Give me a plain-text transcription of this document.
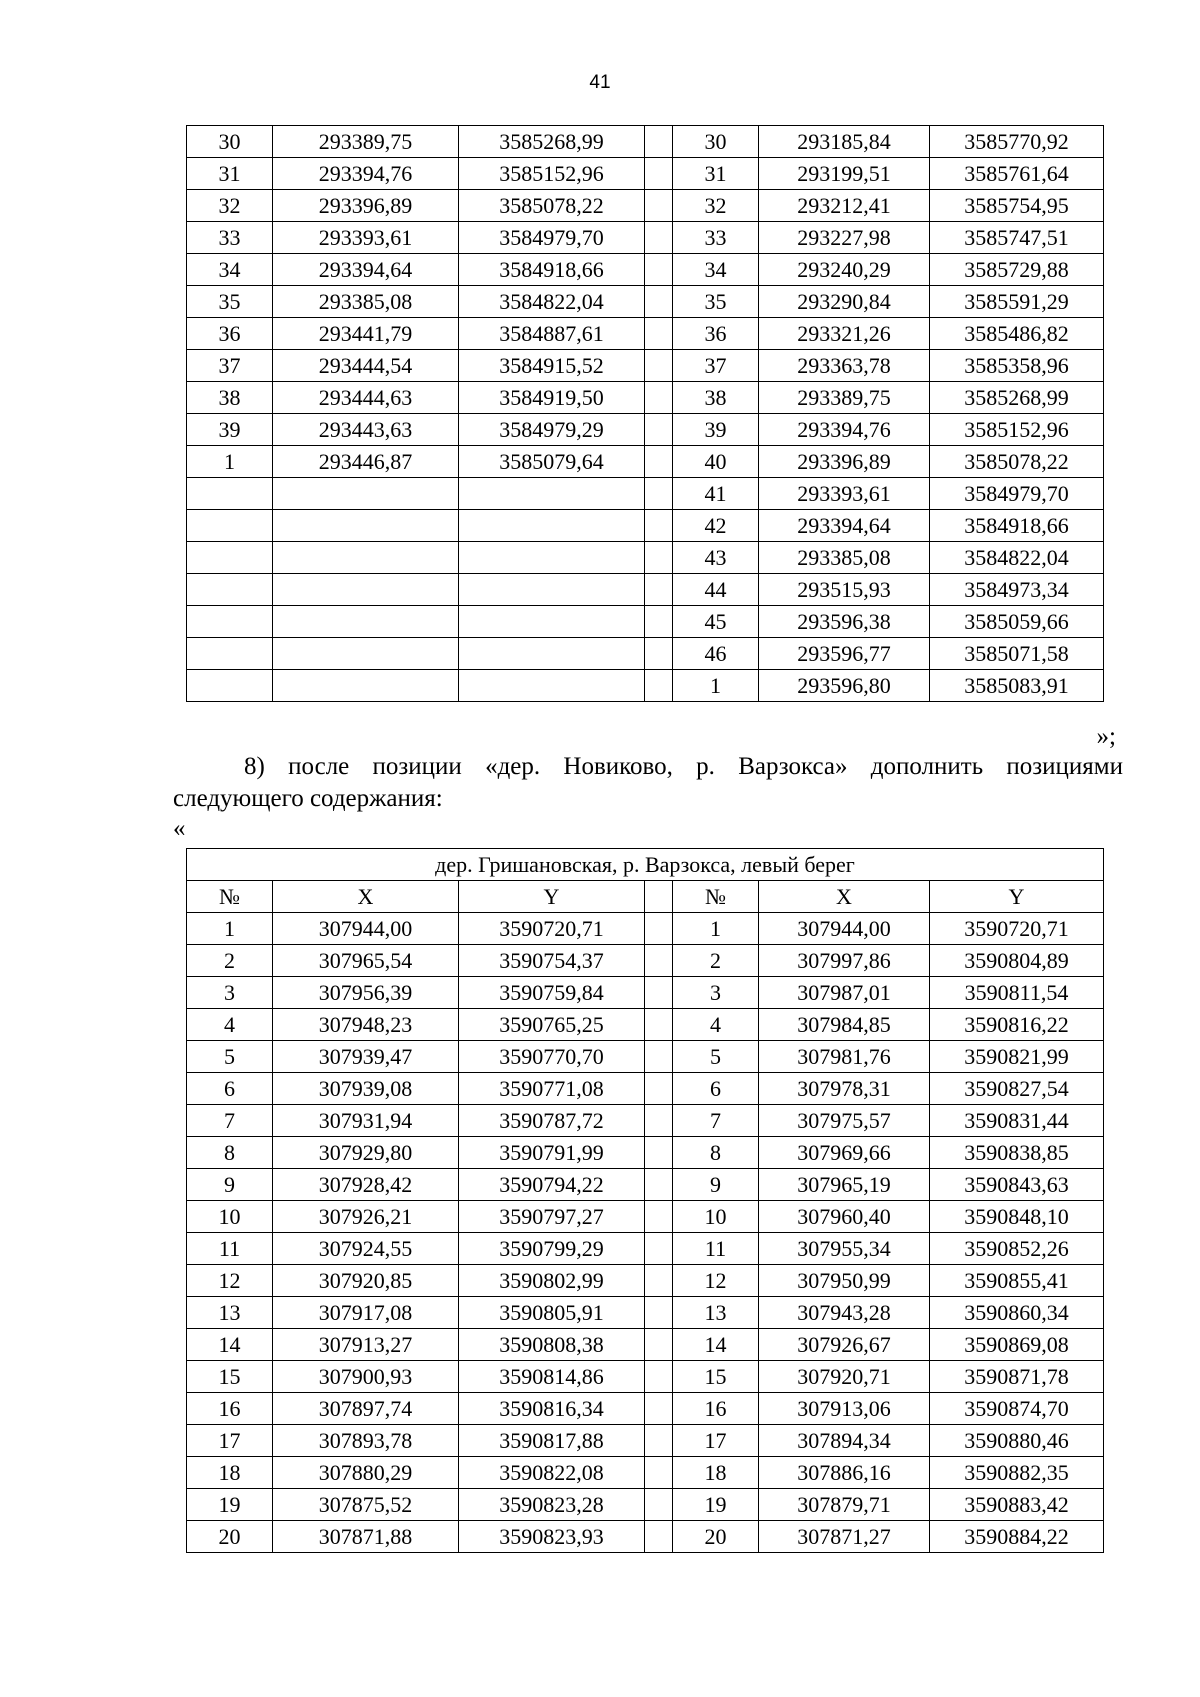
41
30	293389,75	3585268,99		30	293185,84	3585770,92
31	293394,76	3585152,96		31	293199,51	3585761,64
32	293396,89	3585078,22		32	293212,41	3585754,95
33	293393,61	3584979,70		33	293227,98	3585747,51
34	293394,64	3584918,66		34	293240,29	3585729,88
35	293385,08	3584822,04		35	293290,84	3585591,29
36	293441,79	3584887,61		36	293321,26	3585486,82
37	293444,54	3584915,52		37	293363,78	3585358,96
38	293444,63	3584919,50		38	293389,75	3585268,99
39	293443,63	3584979,29		39	293394,76	3585152,96
1	293446,87	3585079,64		40	293396,89	3585078,22
				41	293393,61	3584979,70
				42	293394,64	3584918,66
				43	293385,08	3584822,04
				44	293515,93	3584973,34
				45	293596,38	3585059,66
				46	293596,77	3585071,58
				1	293596,80	3585083,91
»;
8) после позиции «дер. Новиково, р. Варзокса» дополнить позициями
следующего содержания:
«
дер. Гришановская, р. Варзокса, левый берег						
№	X	Y		№	X	Y
1	307944,00	3590720,71		1	307944,00	3590720,71
2	307965,54	3590754,37		2	307997,86	3590804,89
3	307956,39	3590759,84		3	307987,01	3590811,54
4	307948,23	3590765,25		4	307984,85	3590816,22
5	307939,47	3590770,70		5	307981,76	3590821,99
6	307939,08	3590771,08		6	307978,31	3590827,54
7	307931,94	3590787,72		7	307975,57	3590831,44
8	307929,80	3590791,99		8	307969,66	3590838,85
9	307928,42	3590794,22		9	307965,19	3590843,63
10	307926,21	3590797,27		10	307960,40	3590848,10
11	307924,55	3590799,29		11	307955,34	3590852,26
12	307920,85	3590802,99		12	307950,99	3590855,41
13	307917,08	3590805,91		13	307943,28	3590860,34
14	307913,27	3590808,38		14	307926,67	3590869,08
15	307900,93	3590814,86		15	307920,71	3590871,78
16	307897,74	3590816,34		16	307913,06	3590874,70
17	307893,78	3590817,88		17	307894,34	3590880,46
18	307880,29	3590822,08		18	307886,16	3590882,35
19	307875,52	3590823,28		19	307879,71	3590883,42
20	307871,88	3590823,93		20	307871,27	3590884,22
